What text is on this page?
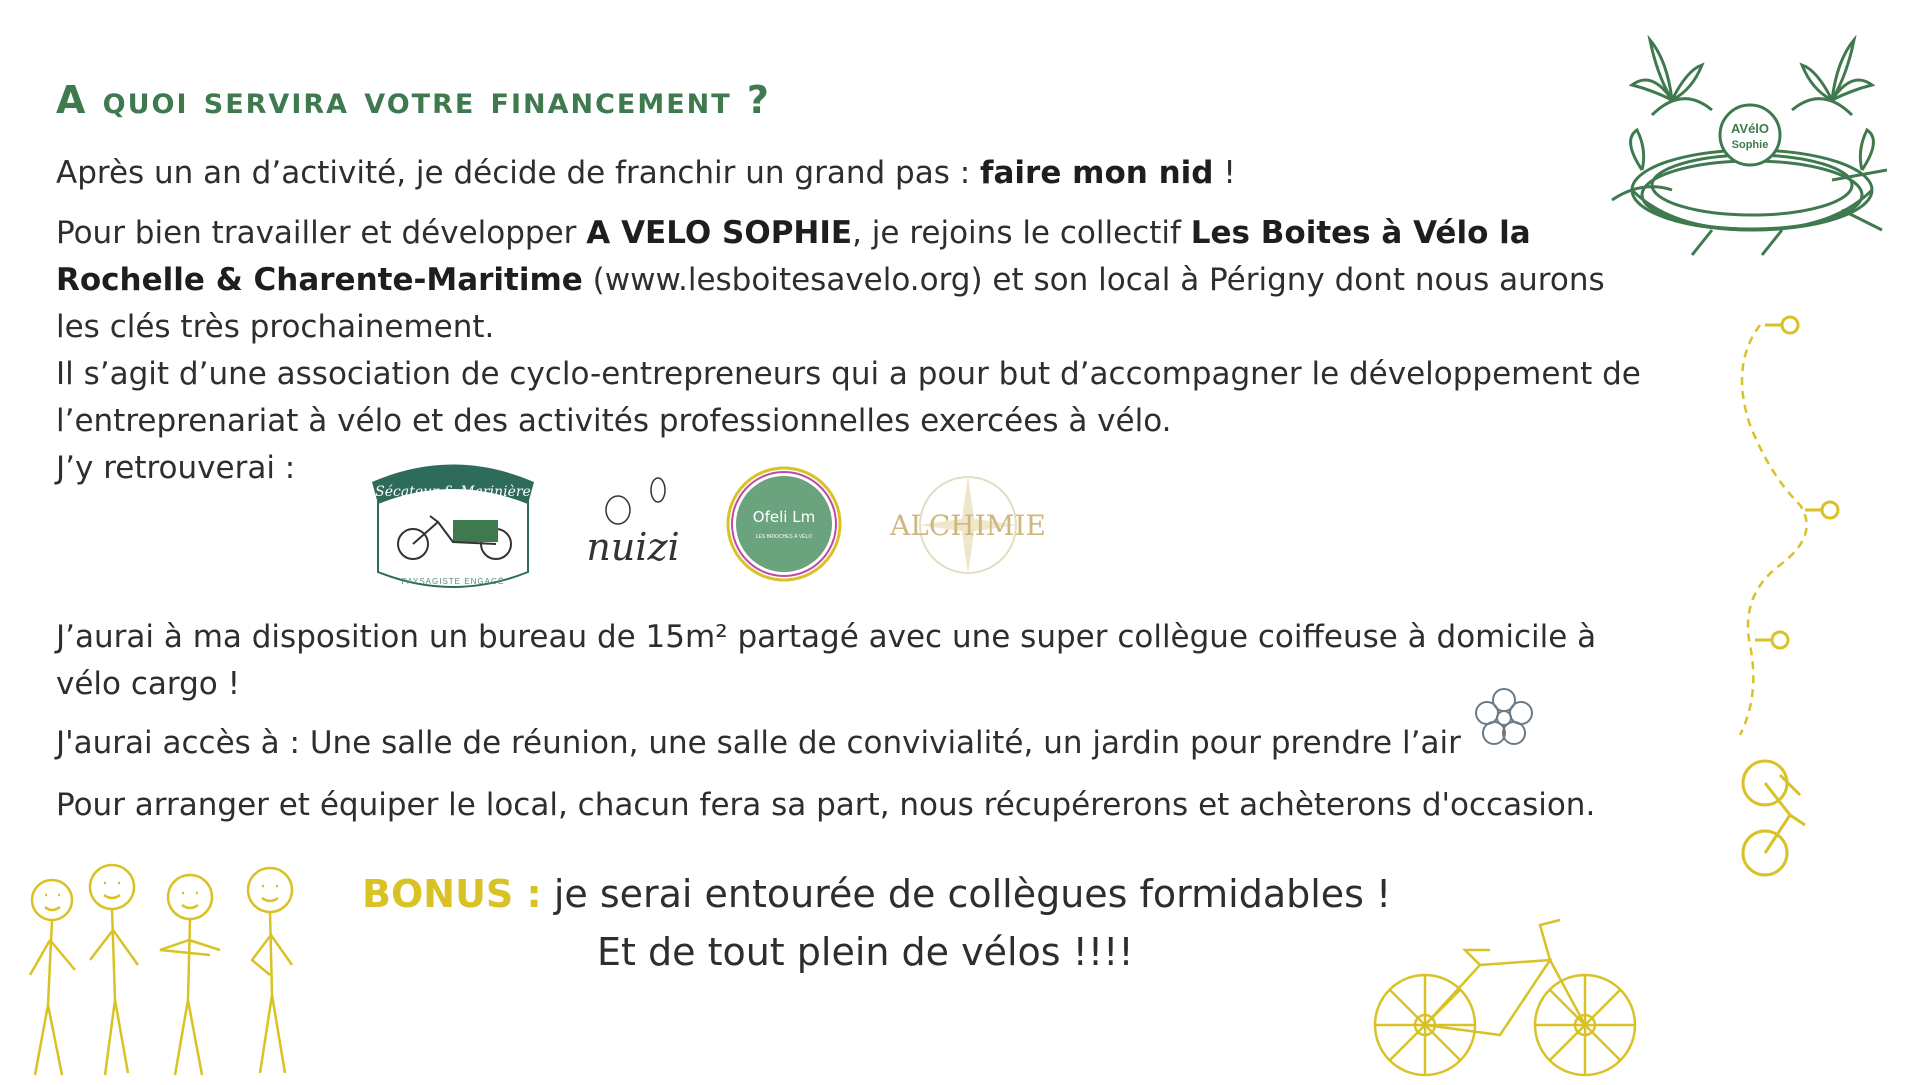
A quoi servira votre financement ?
Après un an d’activité, je décide de franchir un grand pas : faire mon nid !
Pour bien travailler et développer A VELO SOPHIE, je rejoins le collectif Les Boites à Vélo la Rochelle & Charente-Maritime (www.lesboitesavelo.org) et son local à Périgny dont nous aurons les clés très prochainement.
Il s’agit d’une association de cyclo-entrepreneurs qui a pour but d’accompagner le développement de l’entreprenariat à vélo et des activités professionnelles exercées à vélo.
J’y retrouverai :
Sécateur & Marinière
PAYSAGISTE ENGAGÉ
nuizi
Ofeli Lm
LES BRIOCHES À VÉLO	ALCHIMIE
J’aurai à ma disposition un bureau de 15m² partagé avec une super collègue coiffeuse à domicile à vélo cargo !
J'aurai accès à : Une salle de réunion, une salle de convivialité, un jardin pour prendre l’air
Pour arranger et équiper le local, chacun fera sa part, nous récupérerons et achèterons d'occasion.
BONUS : je serai entourée de collègues formidables !
Et de tout plein de vélos !!!!
AVélO
Sophie
